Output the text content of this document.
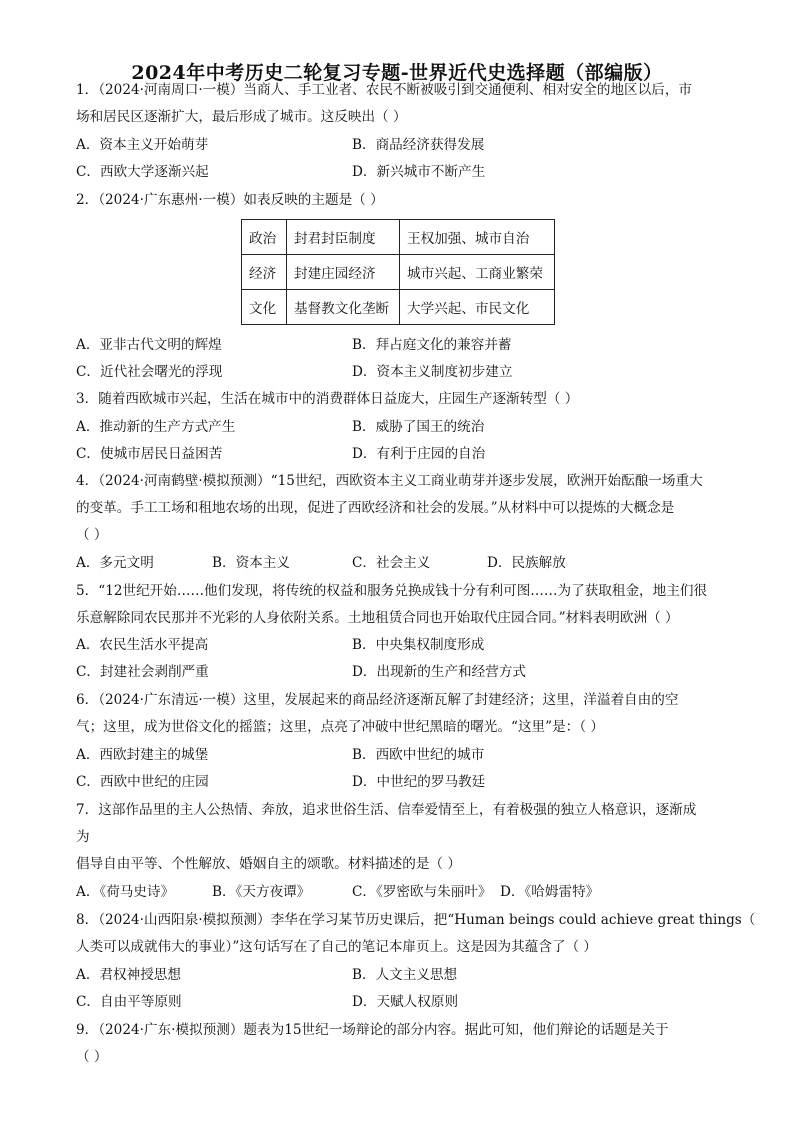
2024年中考历史二轮复习专题-世界近代史选择题（部编版）
1．（2024·河南周口·一模）当商人、手工业者、农民不断被吸引到交通便利、相对安全的地区以后，市
场和居民区逐渐扩大，最后形成了城市。这反映出（ ）
A．资本主义开始萌芽	B．商品经济获得发展
C．西欧大学逐渐兴起	D．新兴城市不断产生
2．（2024·广东惠州·一模）如表反映的主题是（ ）
政治	封君封臣制度	王权加强、城市自治
经济	封建庄园经济	城市兴起、工商业繁荣
文化	基督教文化垄断	大学兴起、市民文化
A．亚非古代文明的辉煌	B．拜占庭文化的兼容并蓄
C．近代社会曙光的浮现	D．资本主义制度初步建立
3．随着西欧城市兴起，生活在城市中的消费群体日益庞大，庄园生产逐渐转型（ ）
A．推动新的生产方式产生	B．威胁了国王的统治
C．使城市居民日益困苦	D．有利于庄园的自治
4．（2024·河南鹤壁·模拟预测）“15世纪，西欧资本主义工商业萌芽并逐步发展，欧洲开始酝酿一场重大
的变革。手工工场和租地农场的出现，促进了西欧经济和社会的发展。”从材料中可以提炼的大概念是
（ ）
A．多元文明	B．资本主义	C．社会主义	D．民族解放
5．“12世纪开始……他们发现，将传统的权益和服务兑换成钱十分有利可图……为了获取租金，地主们很
乐意解除同农民那并不光彩的人身依附关系。土地租赁合同也开始取代庄园合同。”材料表明欧洲（ ）
A．农民生活水平提高	B．中央集权制度形成
C．封建社会剥削严重	D．出现新的生产和经营方式
6．（2024·广东清远·一模）这里，发展起来的商品经济逐渐瓦解了封建经济；这里，洋溢着自由的空
气；这里，成为世俗文化的摇篮；这里，点亮了冲破中世纪黑暗的曙光。“这里”是：（ ）
A．西欧封建主的城堡	B．西欧中世纪的城市
C．西欧中世纪的庄园	D．中世纪的罗马教廷
7．这部作品里的主人公热情、奔放，追求世俗生活、信奉爱情至上，有着极强的独立人格意识，逐渐成
为
倡导自由平等、个性解放、婚姻自主的颂歌。材料描述的是（ ）
A．《荷马史诗》	B．《天方夜谭》	C．《罗密欧与朱丽叶》 D．《哈姆雷特》
8．（2024·山西阳泉·模拟预测）李华在学习某节历史课后，把“Human beings could achieve great things（
人类可以成就伟大的事业）”这句话写在了自己的笔记本扉页上。这是因为其蕴含了（ ）
A．君权神授思想	B．人文主义思想
C．自由平等原则	D．天赋人权原则
9．（2024·广东·模拟预测）题表为15世纪一场辩论的部分内容。据此可知，他们辩论的话题是关于
（ ）
